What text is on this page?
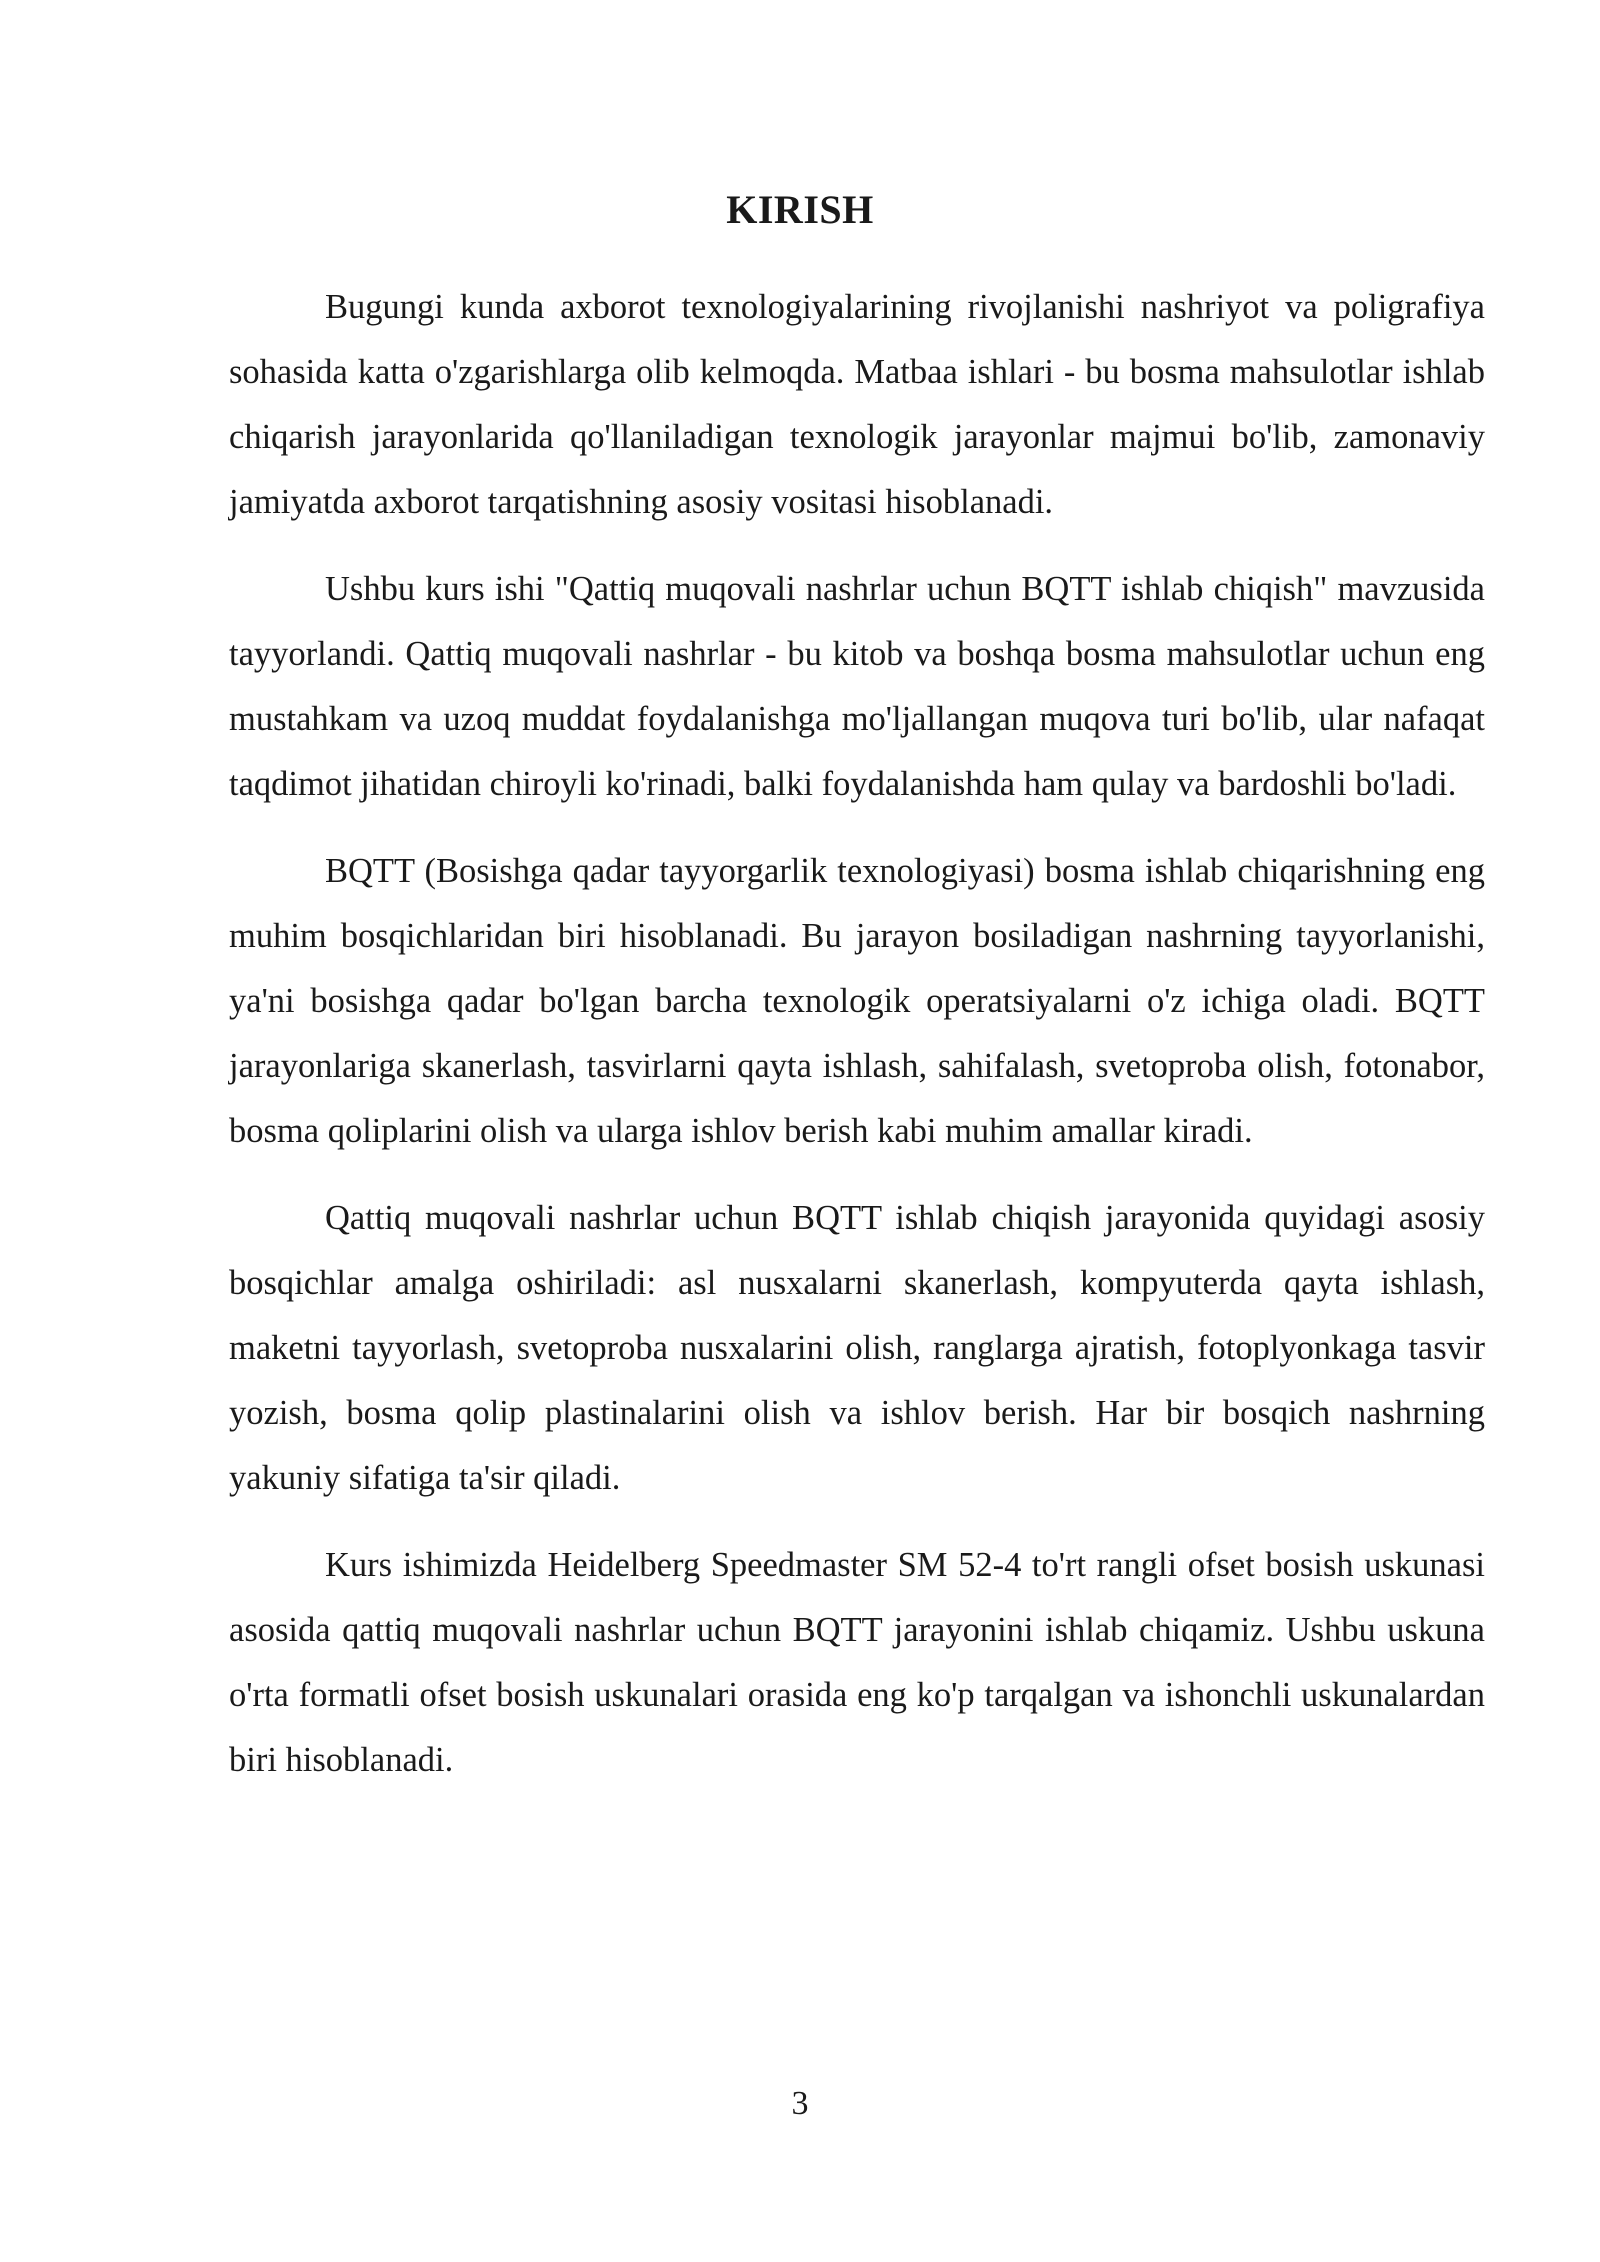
KIRISH

Bugungi kunda axborot texnologiyalarining rivojlanishi nashriyot va poligrafiya sohasida katta o'zgarishlarga olib kelmoqda. Matbaa ishlari - bu bosma mahsulotlar ishlab chiqarish jarayonlarida qo'llaniladigan texnologik jarayonlar majmui bo'lib, zamonaviy jamiyatda axborot tarqatishning asosiy vositasi hisoblanadi.

Ushbu kurs ishi "Qattiq muqovali nashrlar uchun BQTT ishlab chiqish" mavzusida tayyorlandi. Qattiq muqovali nashrlar - bu kitob va boshqa bosma mahsulotlar uchun eng mustahkam va uzoq muddat foydalanishga mo'ljallangan muqova turi bo'lib, ular nafaqat taqdimot jihatidan chiroyli ko'rinadi, balki foydalanishda ham qulay va bardoshli bo'ladi.

BQTT (Bosishga qadar tayyorgarlik texnologiyasi) bosma ishlab chiqarishning eng muhim bosqichlaridan biri hisoblanadi. Bu jarayon bosiladigan nashrning tayyorlanishi, ya'ni bosishga qadar bo'lgan barcha texnologik operatsiyalarni o'z ichiga oladi. BQTT jarayonlariga skanerlash, tasvirlarni qayta ishlash, sahifalash, svetoproba olish, fotonabor, bosma qoliplarini olish va ularga ishlov berish kabi muhim amallar kiradi.

Qattiq muqovali nashrlar uchun BQTT ishlab chiqish jarayonida quyidagi asosiy bosqichlar amalga oshiriladi: asl nusxalarni skanerlash, kompyuterda qayta ishlash, maketni tayyorlash, svetoproba nusxalarini olish, ranglarga ajratish, fotoplyonkaga tasvir yozish, bosma qolip plastinalarini olish va ishlov berish. Har bir bosqich nashrning yakuniy sifatiga ta'sir qiladi.

Kurs ishimizda Heidelberg Speedmaster SM 52-4 to'rt rangli ofset bosish uskunasi asosida qattiq muqovali nashrlar uchun BQTT jarayonini ishlab chiqamiz. Ushbu uskuna o'rta formatli ofset bosish uskunalari orasida eng ko'p tarqalgan va ishonchli uskunalardan biri hisoblanadi.

3
